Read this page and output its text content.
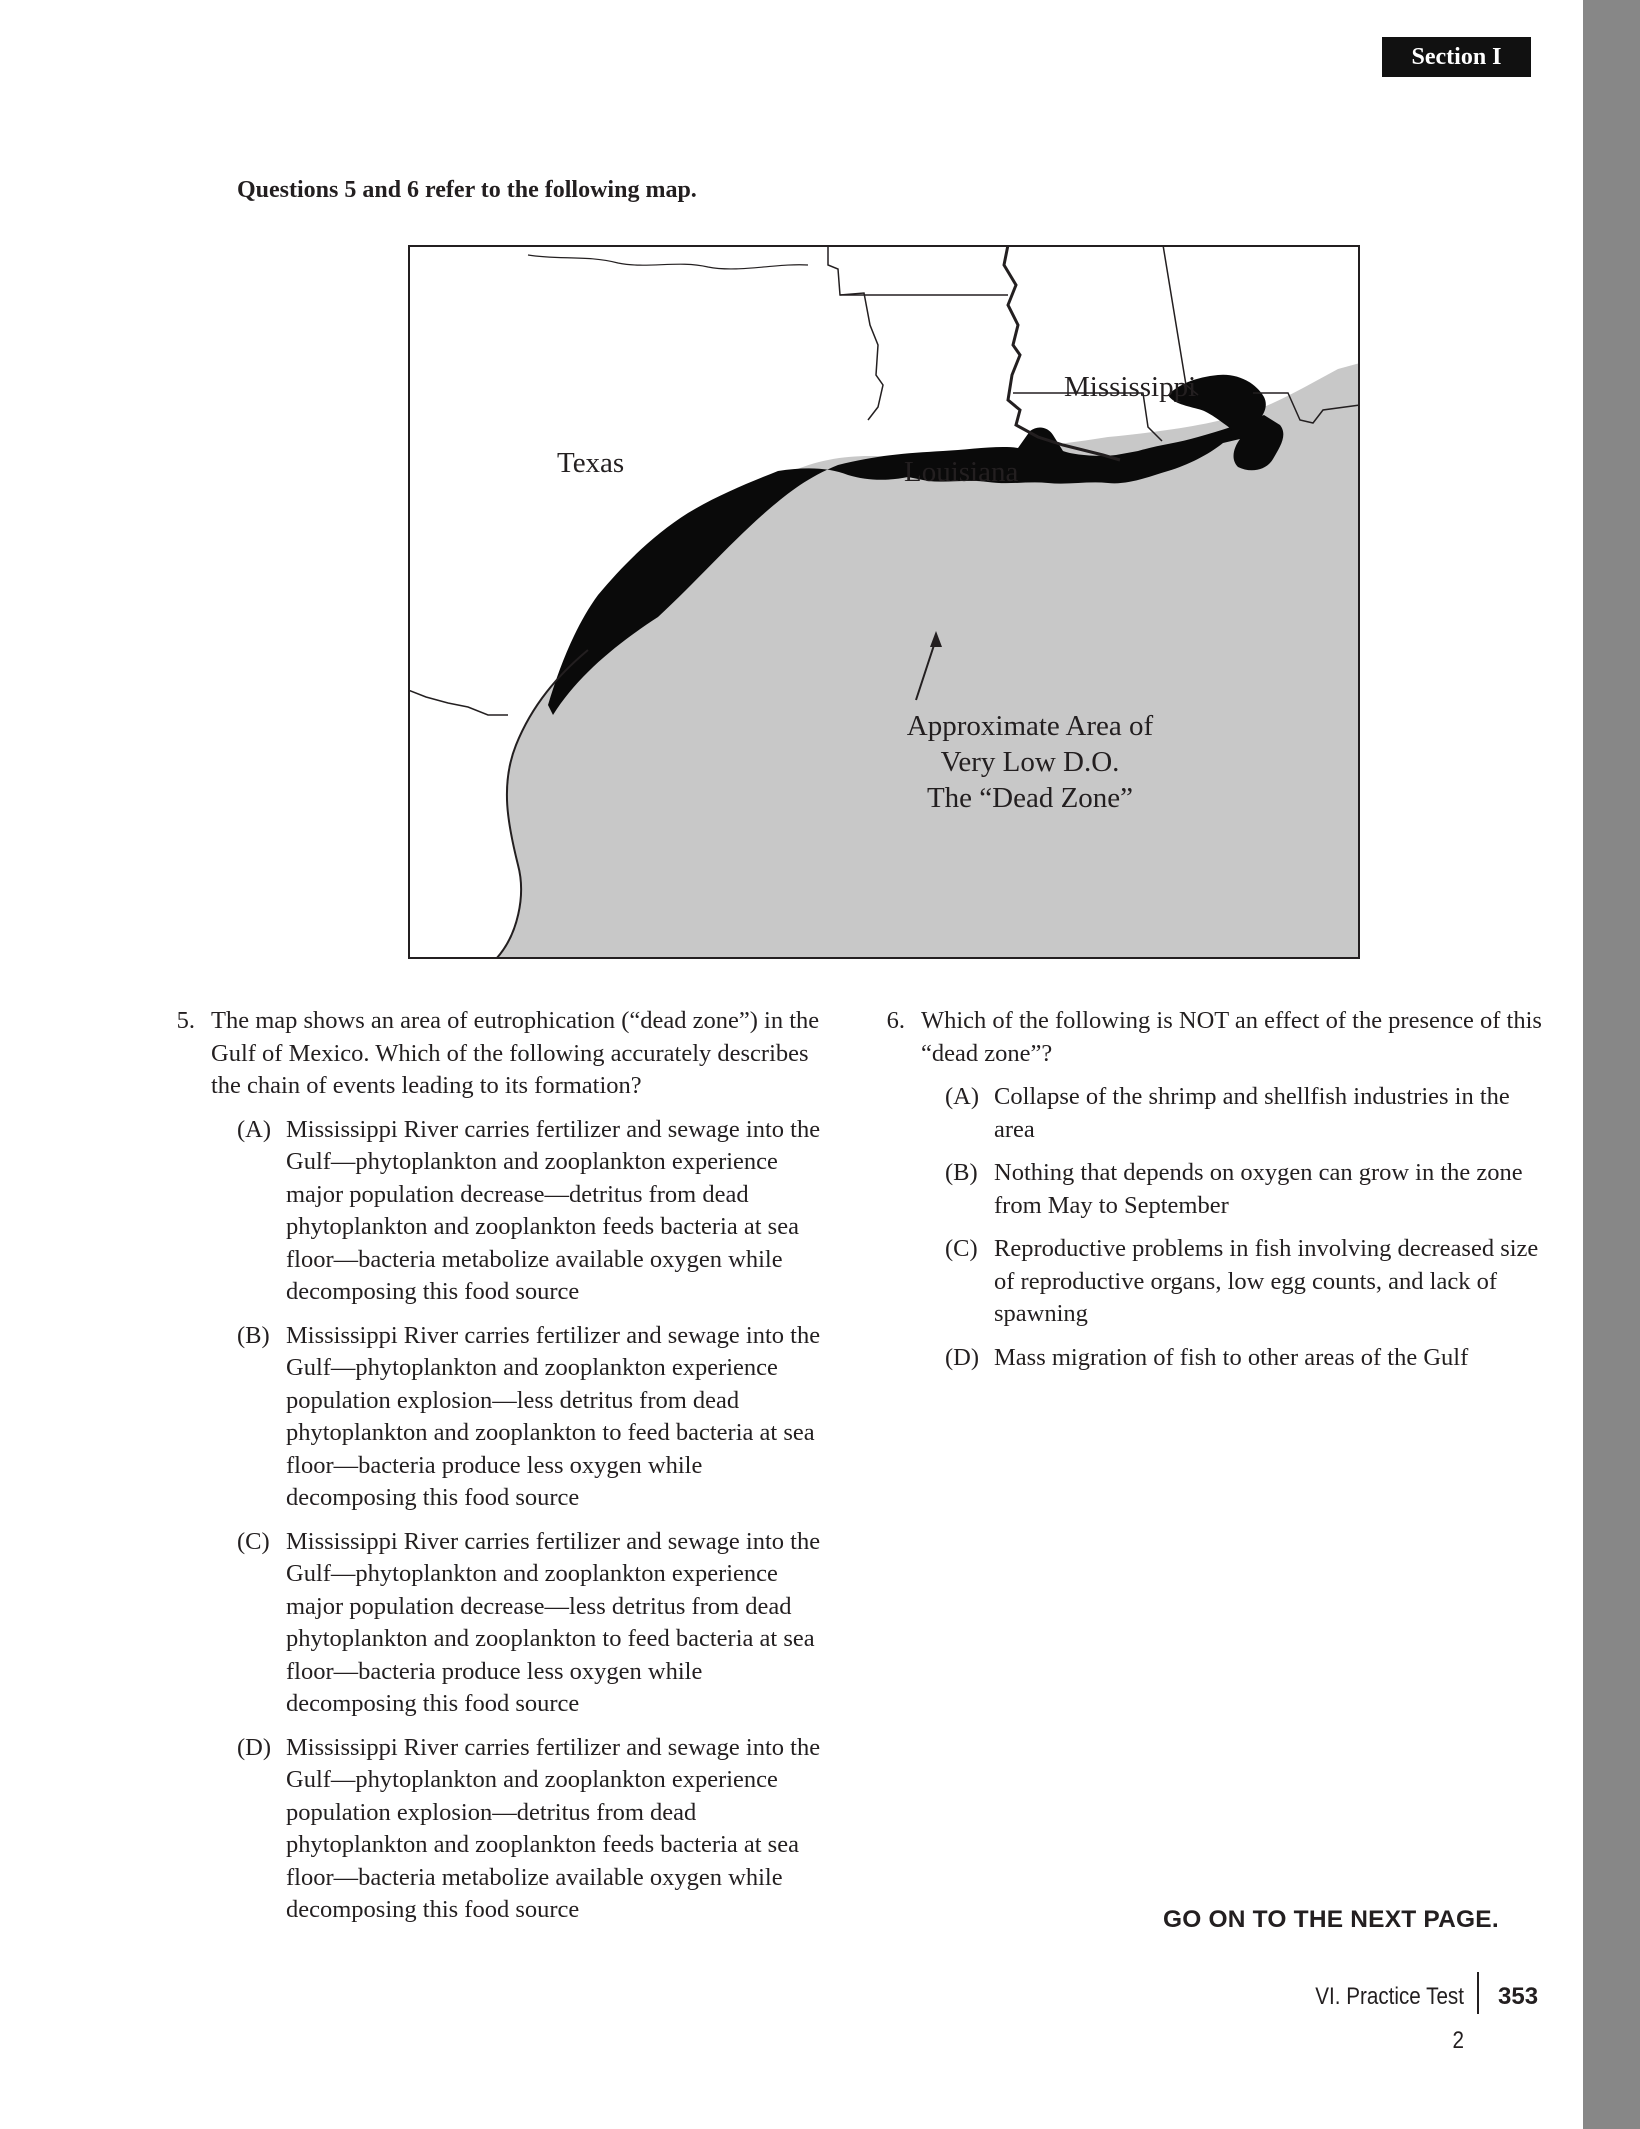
Section I
Questions 5 and 6 refer to the following map.
Texas	Louisiana
Mississippi
Approximate Area of
Very Low D.O.
The “Dead Zone”
5. The map shows an area of eutrophication (“dead zone”) in the Gulf of Mexico. Which of the following accurately describes the chain of events leading to its formation?
(A) Mississippi River carries fertilizer and sewage into the Gulf—phytoplankton and zooplankton experience major population decrease—detritus from dead phytoplankton and zooplankton feeds bacteria at sea floor—bacteria metabolize available oxygen while decomposing this food source
(B) Mississippi River carries fertilizer and sewage into the Gulf—phytoplankton and zooplankton experience population explosion—less detritus from dead phytoplankton and zooplankton to feed bacteria at sea floor—bacteria produce less oxygen while decomposing this food source
(C) Mississippi River carries fertilizer and sewage into the Gulf—phytoplankton and zooplankton experience major population decrease—less detritus from dead phytoplankton and zooplankton to feed bacteria at sea floor—bacteria produce less oxygen while decomposing this food source
(D) Mississippi River carries fertilizer and sewage into the Gulf—phytoplankton and zooplankton experience population explosion—detritus from dead phytoplankton and zooplankton feeds bacteria at sea floor—bacteria metabolize available oxygen while decomposing this food source
6. Which of the following is NOT an effect of the presence of this “dead zone”?
(A) Collapse of the shrimp and shellfish industries in the area
(B) Nothing that depends on oxygen can grow in the zone from May to September
(C) Reproductive problems in fish involving decreased size of reproductive organs, low egg counts, and lack of spawning
(D) Mass migration of fish to other areas of the Gulf
GO ON TO THE NEXT PAGE.
VI. Practice Test 2
353
